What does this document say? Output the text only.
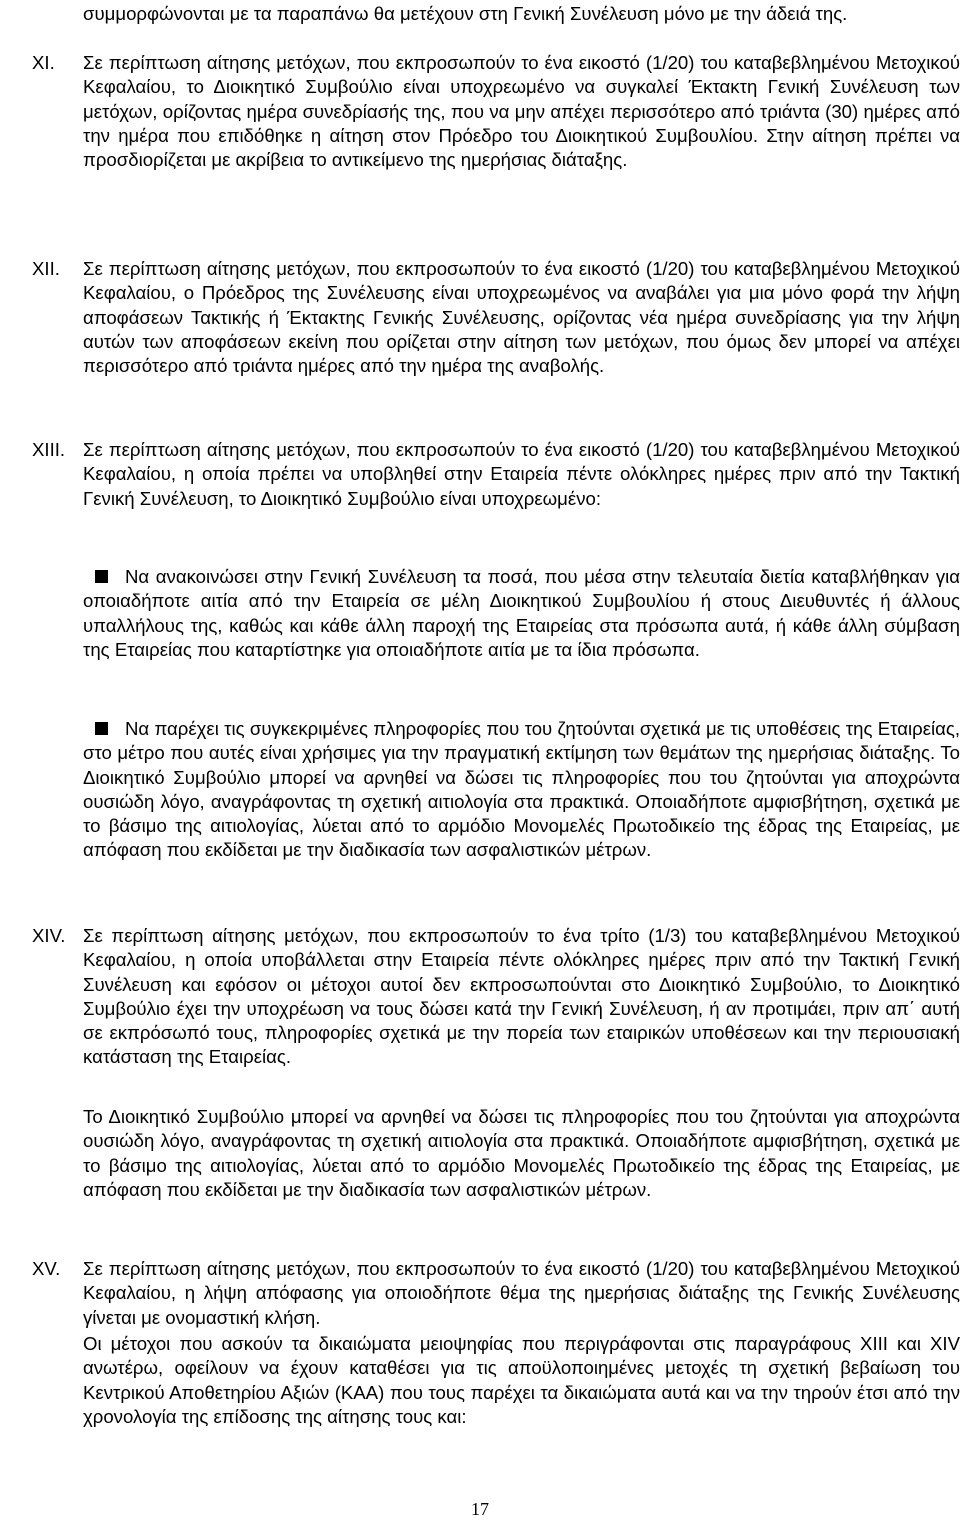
συμμορφώνονται με τα παραπάνω θα μετέχουν στη Γενική Συνέλευση μόνο με την άδειά της.

XI. Σε περίπτωση αίτησης μετόχων, που εκπροσωπούν το ένα εικοστό (1/20) του καταβεβλημένου Μετοχικού Κεφαλαίου, το Διοικητικό Συμβούλιο είναι υποχρεωμένο να συγκαλεί Έκτακτη Γενική Συνέλευση των μετόχων, ορίζοντας ημέρα συνεδρίασής της, που να μην απέχει περισσότερο από τριάντα (30) ημέρες από την ημέρα που επιδόθηκε η αίτηση στον Πρόεδρο του Διοικητικού Συμβουλίου. Στην αίτηση πρέπει να προσδιορίζεται με ακρίβεια το αντικείμενο της ημερήσιας διάταξης.

XII. Σε περίπτωση αίτησης μετόχων, που εκπροσωπούν το ένα εικοστό (1/20) του καταβεβλημένου Μετοχικού Κεφαλαίου, ο Πρόεδρος της Συνέλευσης είναι υποχρεωμένος να αναβάλει για μια μόνο φορά την λήψη αποφάσεων Τακτικής ή Έκτακτης Γενικής Συνέλευσης, ορίζοντας νέα ημέρα συνεδρίασης για την λήψη αυτών των αποφάσεων εκείνη που ορίζεται στην αίτηση των μετόχων, που όμως δεν μπορεί να απέχει περισσότερο από τριάντα ημέρες από την ημέρα της αναβολής.

XIII. Σε περίπτωση αίτησης μετόχων, που εκπροσωπούν το ένα εικοστό (1/20) του καταβεβλημένου Μετοχικού Κεφαλαίου, η οποία πρέπει να υποβληθεί στην Εταιρεία πέντε ολόκληρες ημέρες πριν από την Τακτική Γενική Συνέλευση, το Διοικητικό Συμβούλιο είναι υποχρεωμένο:

Να ανακοινώσει στην Γενική Συνέλευση τα ποσά, που μέσα στην τελευταία διετία καταβλήθηκαν για οποιαδήποτε αιτία από την Εταιρεία σε μέλη Διοικητικού Συμβουλίου ή στους Διευθυντές ή άλλους υπαλλήλους της, καθώς και κάθε άλλη παροχή της Εταιρείας στα πρόσωπα αυτά, ή κάθε άλλη σύμβαση της Εταιρείας που καταρτίστηκε για οποιαδήποτε αιτία με τα ίδια πρόσωπα.

Να παρέχει τις συγκεκριμένες πληροφορίες που του ζητούνται σχετικά με τις υποθέσεις της Εταιρείας, στο μέτρο που αυτές είναι χρήσιμες για την πραγματική εκτίμηση των θεμάτων της ημερήσιας διάταξης. Το Διοικητικό Συμβούλιο μπορεί να αρνηθεί να δώσει τις πληροφορίες που του ζητούνται για αποχρώντα ουσιώδη λόγο, αναγράφοντας τη σχετική αιτιολογία στα πρακτικά. Οποιαδήποτε αμφισβήτηση, σχετικά με το βάσιμο της αιτιολογίας, λύεται από το αρμόδιο Μονομελές Πρωτοδικείο της έδρας της Εταιρείας, με απόφαση που εκδίδεται με την διαδικασία των ασφαλιστικών μέτρων.

XIV. Σε περίπτωση αίτησης μετόχων, που εκπροσωπούν το ένα τρίτο (1/3) του καταβεβλημένου Μετοχικού Κεφαλαίου, η οποία υποβάλλεται στην Εταιρεία πέντε ολόκληρες ημέρες πριν από την Τακτική Γενική Συνέλευση και εφόσον οι μέτοχοι αυτοί δεν εκπροσωπούνται στο Διοικητικό Συμβούλιο, το Διοικητικό Συμβούλιο έχει την υποχρέωση να τους δώσει κατά την Γενική Συνέλευση, ή αν προτιμάει, πριν απ΄ αυτή σε εκπρόσωπό τους, πληροφορίες σχετικά με την πορεία των εταιρικών υποθέσεων και την περιουσιακή κατάσταση της Εταιρείας.

Το Διοικητικό Συμβούλιο μπορεί να αρνηθεί να δώσει τις πληροφορίες που του ζητούνται για αποχρώντα ουσιώδη λόγο, αναγράφοντας τη σχετική αιτιολογία στα πρακτικά. Οποιαδήποτε αμφισβήτηση, σχετικά με το βάσιμο της αιτιολογίας, λύεται από το αρμόδιο Μονομελές Πρωτοδικείο της έδρας της Εταιρείας, με απόφαση που εκδίδεται με την διαδικασία των ασφαλιστικών μέτρων.

XV. Σε περίπτωση αίτησης μετόχων, που εκπροσωπούν το ένα εικοστό (1/20) του καταβεβλημένου Μετοχικού Κεφαλαίου, η λήψη απόφασης για οποιοδήποτε θέμα της ημερήσιας διάταξης της Γενικής Συνέλευσης γίνεται με ονομαστική κλήση.

Οι μέτοχοι που ασκούν τα δικαιώματα μειοψηφίας που περιγράφονται στις παραγράφους XIII και XIV ανωτέρω, οφείλουν να έχουν καταθέσει για τις αποϋλοποιημένες μετοχές τη σχετική βεβαίωση του Κεντρικού Αποθετηρίου Αξιών (ΚΑΑ) που τους παρέχει τα δικαιώματα αυτά και να την τηρούν έτσι από την χρονολογία της επίδοσης της αίτησης τους και:

17
